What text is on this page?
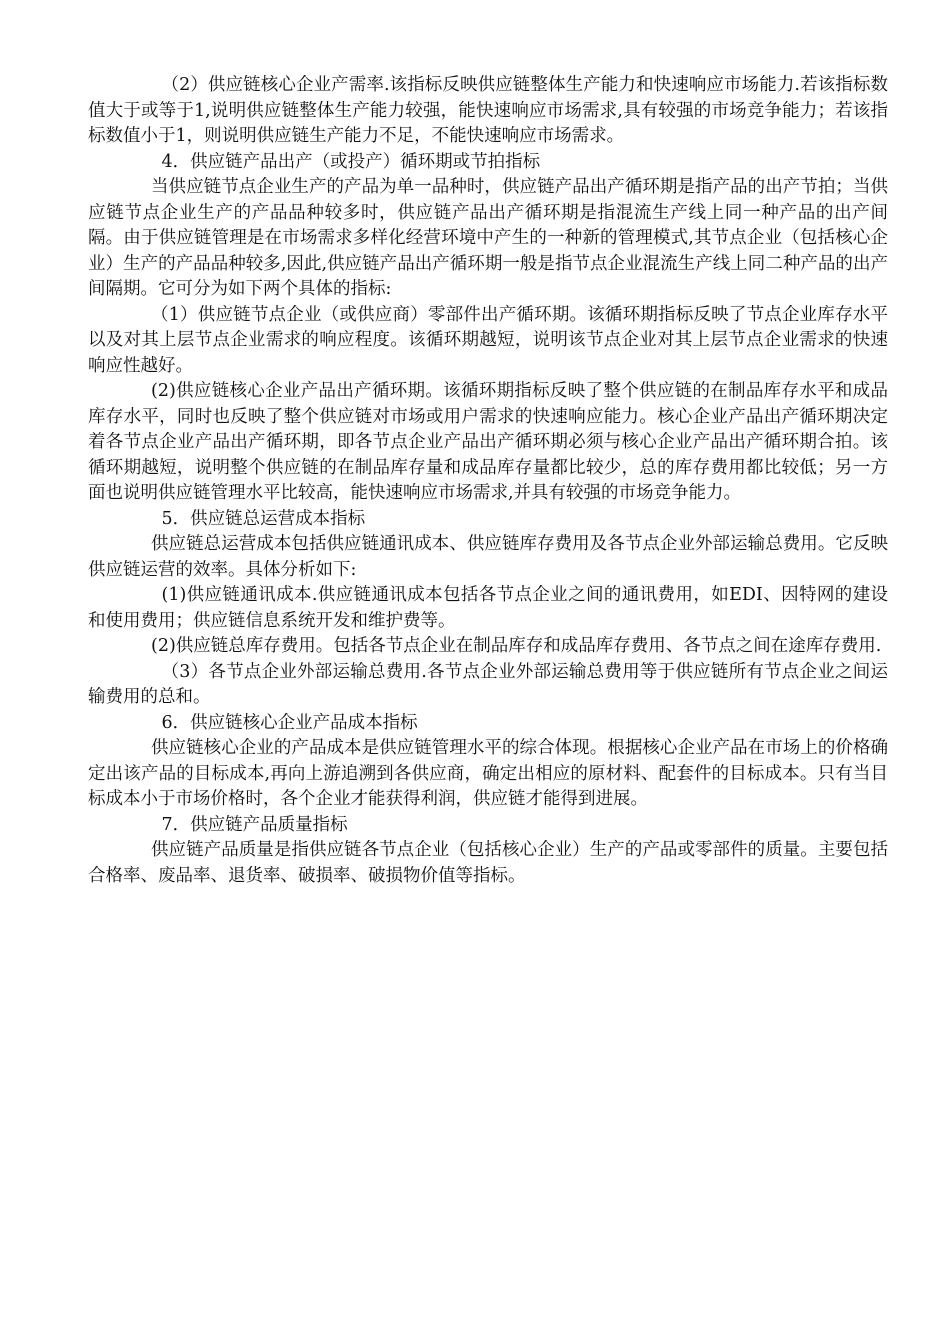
（2）供应链核心企业产需率.该指标反映供应链整体生产能力和快速响应市场能力.若该指标数值大于或等于1,说明供应链整体生产能力较强，能快速响应市场需求,具有较强的市场竞争能力；若该指标数值小于1，则说明供应链生产能力不足，不能快速响应市场需求。

4．供应链产品出产（或投产）循环期或节拍指标

当供应链节点企业生产的产品为单一品种时，供应链产品出产循环期是指产品的出产节拍；当供应链节点企业生产的产品品种较多时，供应链产品出产循环期是指混流生产线上同一种产品的出产间隔。由于供应链管理是在市场需求多样化经营环境中产生的一种新的管理模式,其节点企业（包括核心企业）生产的产品品种较多,因此,供应链产品出产循环期一般是指节点企业混流生产线上同二种产品的出产间隔期。它可分为如下两个具体的指标:

（1）供应链节点企业（或供应商）零部件出产循环期。该循环期指标反映了节点企业库存水平以及对其上层节点企业需求的响应程度。该循环期越短，说明该节点企业对其上层节点企业需求的快速响应性越好。

(2)供应链核心企业产品出产循环期。该循环期指标反映了整个供应链的在制品库存水平和成品库存水平，同时也反映了整个供应链对市场或用户需求的快速响应能力。核心企业产品出产循环期决定着各节点企业产品出产循环期，即各节点企业产品出产循环期必须与核心企业产品出产循环期合拍。该循环期越短，说明整个供应链的在制品库存量和成品库存量都比较少，总的库存费用都比较低；另一方面也说明供应链管理水平比较高，能快速响应市场需求,并具有较强的市场竞争能力。

5．供应链总运营成本指标

供应链总运营成本包括供应链通讯成本、供应链库存费用及各节点企业外部运输总费用。它反映供应链运营的效率。具体分析如下:

(1)供应链通讯成本.供应链通讯成本包括各节点企业之间的通讯费用，如EDI、因特网的建设和使用费用；供应链信息系统开发和维护费等。

(2)供应链总库存费用。包括各节点企业在制品库存和成品库存费用、各节点之间在途库存费用.

（3）各节点企业外部运输总费用.各节点企业外部运输总费用等于供应链所有节点企业之间运输费用的总和。

6．供应链核心企业产品成本指标

供应链核心企业的产品成本是供应链管理水平的综合体现。根据核心企业产品在市场上的价格确定出该产品的目标成本,再向上游追溯到各供应商，确定出相应的原材料、配套件的目标成本。只有当目标成本小于市场价格时，各个企业才能获得利润，供应链才能得到进展。

7．供应链产品质量指标

供应链产品质量是指供应链各节点企业（包括核心企业）生产的产品或零部件的质量。主要包括合格率、废品率、退货率、破损率、破损物价值等指标。
